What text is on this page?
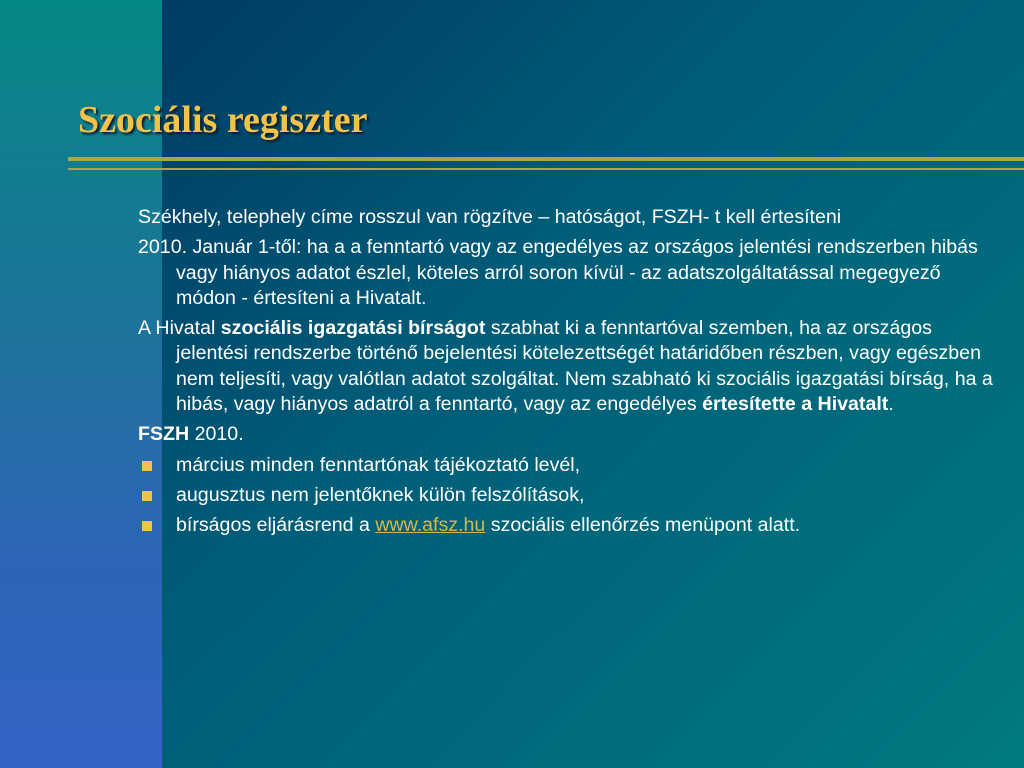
Szociális regiszter

Székhely, telephely címe rosszul van rögzítve – hatóságot, FSZH- t kell értesíteni

2010. Január 1-től: ha a a fenntartó vagy az engedélyes az országos jelentési rendszerben hibás vagy hiányos adatot észlel, köteles arról soron kívül - az adatszolgáltatással megegyező módon - értesíteni a Hivatalt.

A Hivatal szociális igazgatási bírságot szabhat ki a fenntartóval szemben, ha az országos jelentési rendszerbe történő bejelentési kötelezettségét határidőben részben, vagy egészben nem teljesíti, vagy valótlan adatot szolgáltat. Nem szabható ki szociális igazgatási bírság, ha a hibás, vagy hiányos adatról a fenntartó, vagy az engedélyes értesítette a Hivatalt.

FSZH 2010.

március minden fenntartónak tájékoztató levél,
augusztus nem jelentőknek külön felszólítások,
bírságos eljárásrend a www.afsz.hu szociális ellenőrzés menüpont alatt.
